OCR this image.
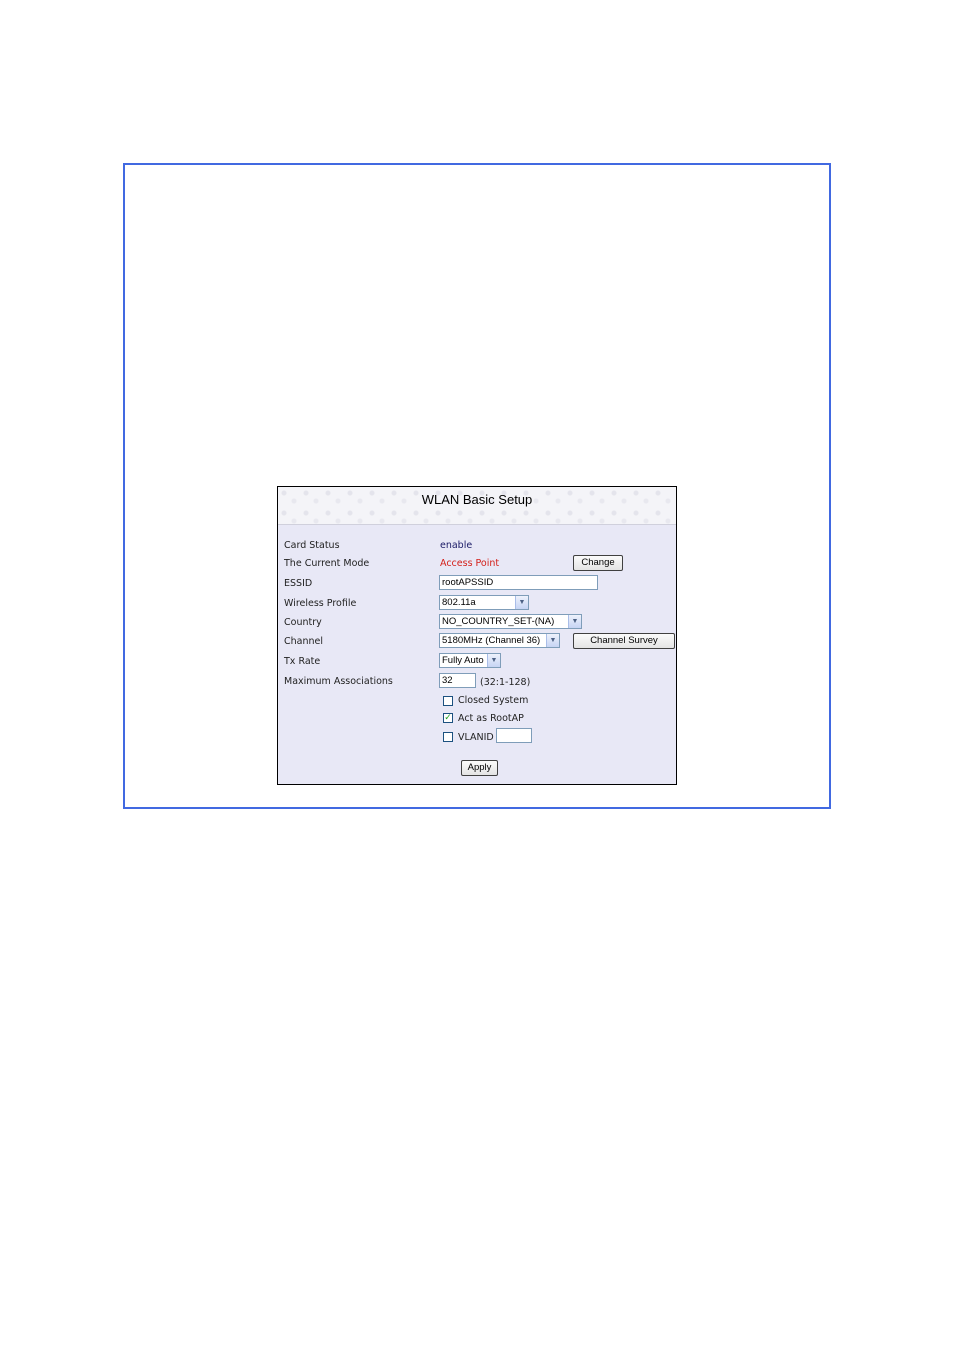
WLAN Basic Setup
Card Status	enable
The Current Mode	Access Point	Change
ESSID	rootAPSSID
Wireless Profile	802.11a	▼
Country	NO_COUNTRY_SET-(NA)	▼
Channel	5180MHz (Channel 36)	▼	Channel Survey
Tx Rate	Fully Auto ▼
Maximum Associations	32	(32:1-128)
Closed System
✓ Act as RootAP
VLANID
Apply
